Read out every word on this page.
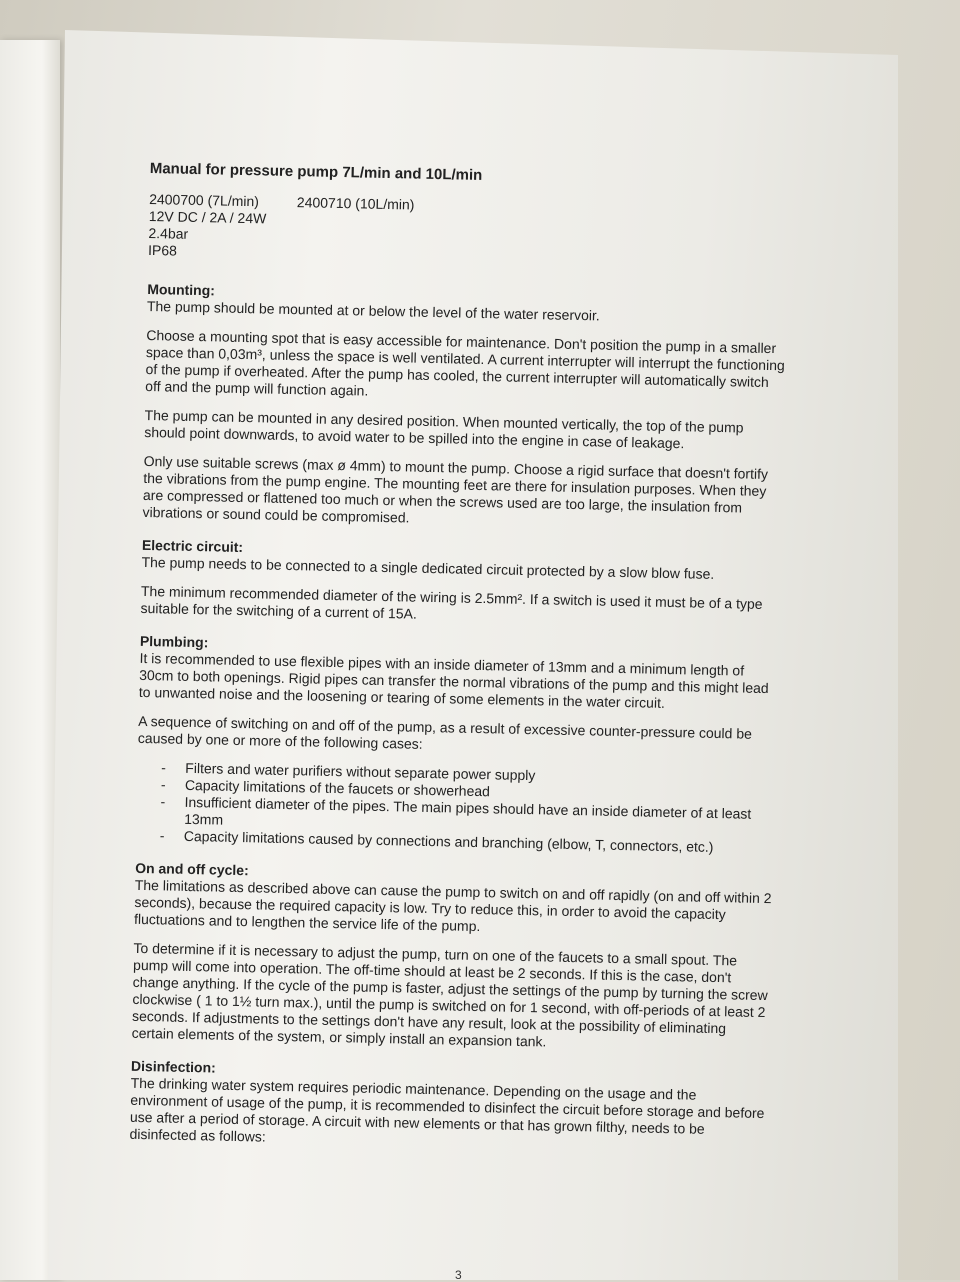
Manual for pressure pump 7L/min and 10L/min

2400700 (7L/min)	2400710 (10L/min)

12V DC / 2A / 24W

2.4bar

IP68

Mounting:

The pump should be mounted at or below the level of the water reservoir.

Choose a mounting spot that is easy accessible for maintenance. Don't position the pump in a smaller space than 0,03m³, unless the space is well ventilated. A current interrupter will interrupt the functioning of the pump if overheated. After the pump has cooled, the current interrupter will automatically switch off and the pump will function again.

The pump can be mounted in any desired position. When mounted vertically, the top of the pump should point downwards, to avoid water to be spilled into the engine in case of leakage.

Only use suitable screws (max ø 4mm) to mount the pump. Choose a rigid surface that doesn't fortify the vibrations from the pump engine. The mounting feet are there for insulation purposes. When they are compressed or flattened too much or when the screws used are too large, the insulation from vibrations or sound could be compromised.

Electric circuit:

The pump needs to be connected to a single dedicated circuit protected by a slow blow fuse.

The minimum recommended diameter of the wiring is 2.5mm². If a switch is used it must be of a type suitable for the switching of a current of 15A.

Plumbing:

It is recommended to use flexible pipes with an inside diameter of 13mm and a minimum length of 30cm to both openings. Rigid pipes can transfer the normal vibrations of the pump and this might lead to unwanted noise and the loosening or tearing of some elements in the water circuit.

A sequence of switching on and off of the pump, as a result of excessive counter-pressure could be caused by one or more of the following cases:

- Filters and water purifiers without separate power supply
- Capacity limitations of the faucets or showerhead
- Insufficient diameter of the pipes. The main pipes should have an inside diameter of at least 13mm
- Capacity limitations caused by connections and branching (elbow, T, connectors, etc.)
On and off cycle:

The limitations as described above can cause the pump to switch on and off rapidly (on and off within 2 seconds), because the required capacity is low. Try to reduce this, in order to avoid the capacity fluctuations and to lengthen the service life of the pump.

To determine if it is necessary to adjust the pump, turn on one of the faucets to a small spout. The pump will come into operation. The off-time should at least be 2 seconds. If this is the case, don't change anything. If the cycle of the pump is faster, adjust the settings of the pump by turning the screw clockwise ( 1 to 1½ turn max.), until the pump is switched on for 1 second, with off-periods of at least 2 seconds. If adjustments to the settings don't have any result, look at the possibility of eliminating certain elements of the system, or simply install an expansion tank.

Disinfection:

The drinking water system requires periodic maintenance. Depending on the usage and the environment of usage of the pump, it is recommended to disinfect the circuit before storage and before use after a period of storage. A circuit with new elements or that has grown filthy, needs to be disinfected as follows:

3
